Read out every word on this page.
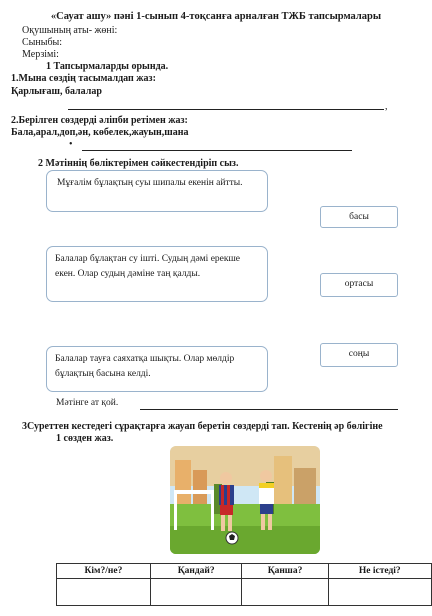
«Сауат ашу» пәні 1-сынып 4-тоқсанға арналған ТЖБ тапсырмалары
Оқушының аты- жөні:
Сыныбы:
Мерзімі:
1 Тапсырмаларды орында.
1.Мына сөздің тасымалдап жаз:
Қарлығаш, балалар
,
2.Берілген сөздерді әліпби ретімен жаз:
Бала,арал,доп,ән, көбелек,жауын,шана
•
2 Мәтіннің бөліктерімен сәйкестендіріп сыз.
Мұғалім бұлақтың суы шипалы екенін айтты.
басы
Балалар бұлақтан су ішті. Судың дәмі ерекше екен. Олар судың дәміне таң қалды.
ортасы
Балалар тауға саяхатқа шықты. Олар мөлдір бұлақтың басына келді.
соңы
Мәтінге ат қой.
3Суреттен кестедегі сұрақтарға жауап беретін сөздерді тап. Кестенің әр бөлігіне
1 сөзден жаз.
Кім?/не?	Қандай?	Қанша?	Не істеді?
